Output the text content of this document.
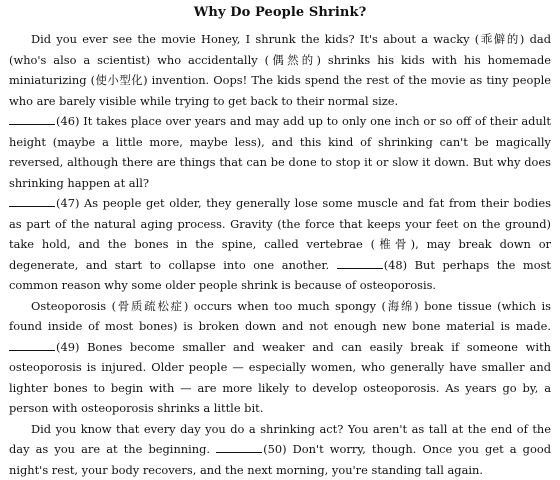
Why Do People Shrink?

Did you ever see the movie Honey, I shrunk the kids? It's about a wacky (乖僻的) dad (who's also a scientist) who accidentally (偶然的) shrinks his kids with his homemade miniaturizing (使小型化) invention. Oops! The kids spend the rest of the movie as tiny people who are barely visible while trying to get back to their normal size.

(46) It takes place over years and may add up to only one inch or so off of their adult height (maybe a little more, maybe less), and this kind of shrinking can't be magically reversed, although there are things that can be done to stop it or slow it down. But why does shrinking happen at all?

(47) As people get older, they generally lose some muscle and fat from their bodies as part of the natural aging process. Gravity (the force that keeps your feet on the ground) take hold, and the bones in the spine, called vertebrae (椎骨), may break down or degenerate, and start to collapse into one another.	(48) But perhaps the most common reason why some older people shrink is because of osteoporosis.

Osteoporosis (骨质疏松症) occurs when too much spongy (海绵) bone tissue (which is found inside of most bones) is broken down and not enough new bone material is made. (49) Bones become smaller and weaker and can easily break if someone with osteoporosis is injured. Older people — especially women, who generally have smaller and lighter bones to begin with — are more likely to develop osteoporosis. As years go by, a person with osteoporosis shrinks a little bit.

Did you know that every day you do a shrinking act? You aren't as tall at the end of the day as you are at the beginning.	(50) Don't worry, though. Once you get a good night's rest, your body recovers, and the next morning, you're standing tall again.
